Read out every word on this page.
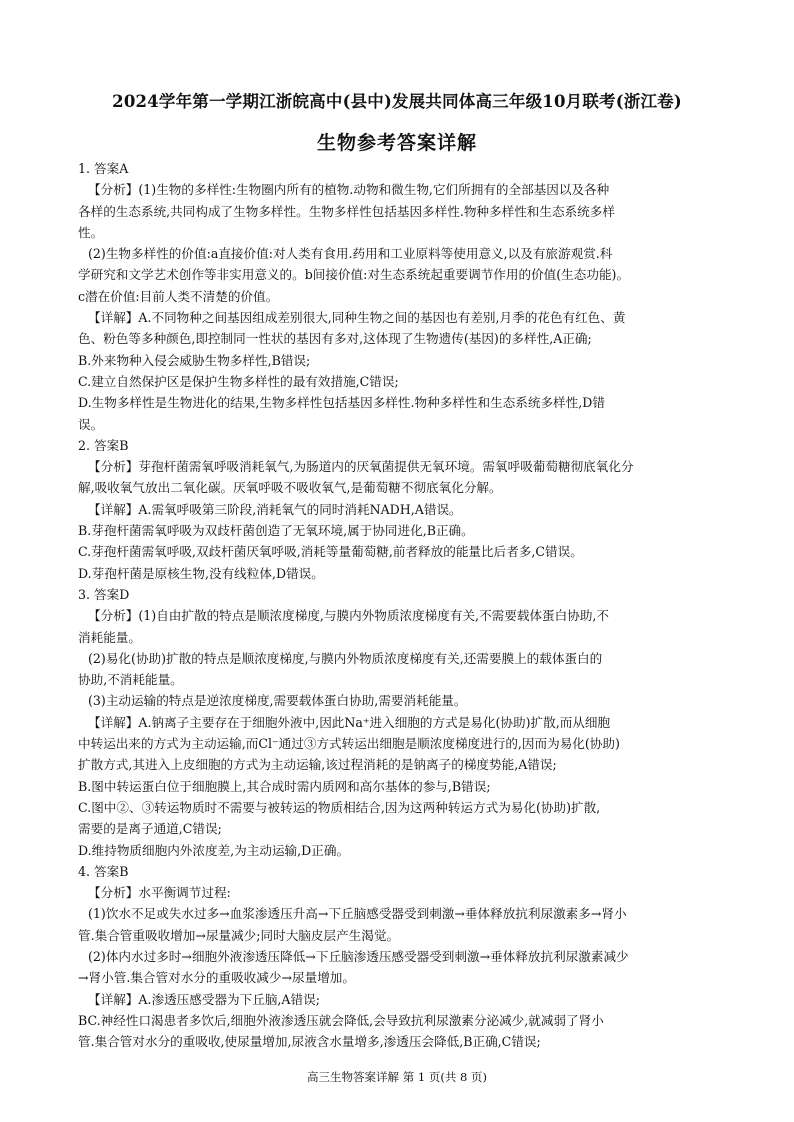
2024学年第一学期江浙皖高中(县中)发展共同体高三年级10月联考(浙江卷)
生物参考答案详解

1. 答案A

【分析】(1)生物的多样性:生物圈内所有的植物.动物和微生物,它们所拥有的全部基因以及各种

各样的生态系统,共同构成了生物多样性。生物多样性包括基因多样性.物种多样性和生态系统多样

性。

(2)生物多样性的价值:a直接价值:对人类有食用.药用和工业原料等使用意义,以及有旅游观赏.科

学研究和文学艺术创作等非实用意义的。b间接价值:对生态系统起重要调节作用的价值(生态功能)。

c潜在价值:目前人类不清楚的价值。

【详解】A.不同物种之间基因组成差别很大,同种生物之间的基因也有差别,月季的花色有红色、黄

色、粉色等多种颜色,即控制同一性状的基因有多对,这体现了生物遗传(基因)的多样性,A正确;

B.外来物种入侵会威胁生物多样性,B错误;

C.建立自然保护区是保护生物多样性的最有效措施,C错误;

D.生物多样性是生物进化的结果,生物多样性包括基因多样性.物种多样性和生态系统多样性,D错

误。

2. 答案B

【分析】芽孢杆菌需氧呼吸消耗氧气,为肠道内的厌氧菌提供无氧环境。需氧呼吸葡萄糖彻底氧化分

解,吸收氧气放出二氧化碳。厌氧呼吸不吸收氧气,是葡萄糖不彻底氧化分解。

【详解】A.需氧呼吸第三阶段,消耗氧气的同时消耗NADH,A错误。

B.芽孢杆菌需氧呼吸为双歧杆菌创造了无氧环境,属于协同进化,B正确。

C.芽孢杆菌需氧呼吸,双歧杆菌厌氧呼吸,消耗等量葡萄糖,前者释放的能量比后者多,C错误。

D.芽孢杆菌是原核生物,没有线粒体,D错误。

3. 答案D

【分析】(1)自由扩散的特点是顺浓度梯度,与膜内外物质浓度梯度有关,不需要载体蛋白协助,不

消耗能量。

(2)易化(协助)扩散的特点是顺浓度梯度,与膜内外物质浓度梯度有关,还需要膜上的载体蛋白的

协助,不消耗能量。

(3)主动运输的特点是逆浓度梯度,需要载体蛋白协助,需要消耗能量。

【详解】A.钠离子主要存在于细胞外液中,因此Na⁺进入细胞的方式是易化(协助)扩散,而从细胞

中转运出来的方式为主动运输,而Cl⁻通过③方式转运出细胞是顺浓度梯度进行的,因而为易化(协助)

扩散方式,其进入上皮细胞的方式为主动运输,该过程消耗的是钠离子的梯度势能,A错误;

B.图中转运蛋白位于细胞膜上,其合成时需内质网和高尔基体的参与,B错误;

C.图中②、③转运物质时不需要与被转运的物质相结合,因为这两种转运方式为易化(协助)扩散,

需要的是离子通道,C错误;

D.维持物质细胞内外浓度差,为主动运输,D正确。

4. 答案B

【分析】水平衡调节过程:

(1)饮水不足或失水过多→血浆渗透压升高→下丘脑感受器受到刺激→垂体释放抗利尿激素多→肾小

管.集合管重吸收增加→尿量减少;同时大脑皮层产生渴觉。

(2)体内水过多时→细胞外液渗透压降低→下丘脑渗透压感受器受到刺激→垂体释放抗利尿激素减少

→肾小管.集合管对水分的重吸收减少→尿量增加。

【详解】A.渗透压感受器为下丘脑,A错误;

BC.神经性口渴患者多饮后,细胞外液渗透压就会降低,会导致抗利尿激素分泌减少,就减弱了肾小

管.集合管对水分的重吸收,使尿量增加,尿液含水量增多,渗透压会降低,B正确,C错误;

高三生物答案详解 第 1 页(共 8 页)
